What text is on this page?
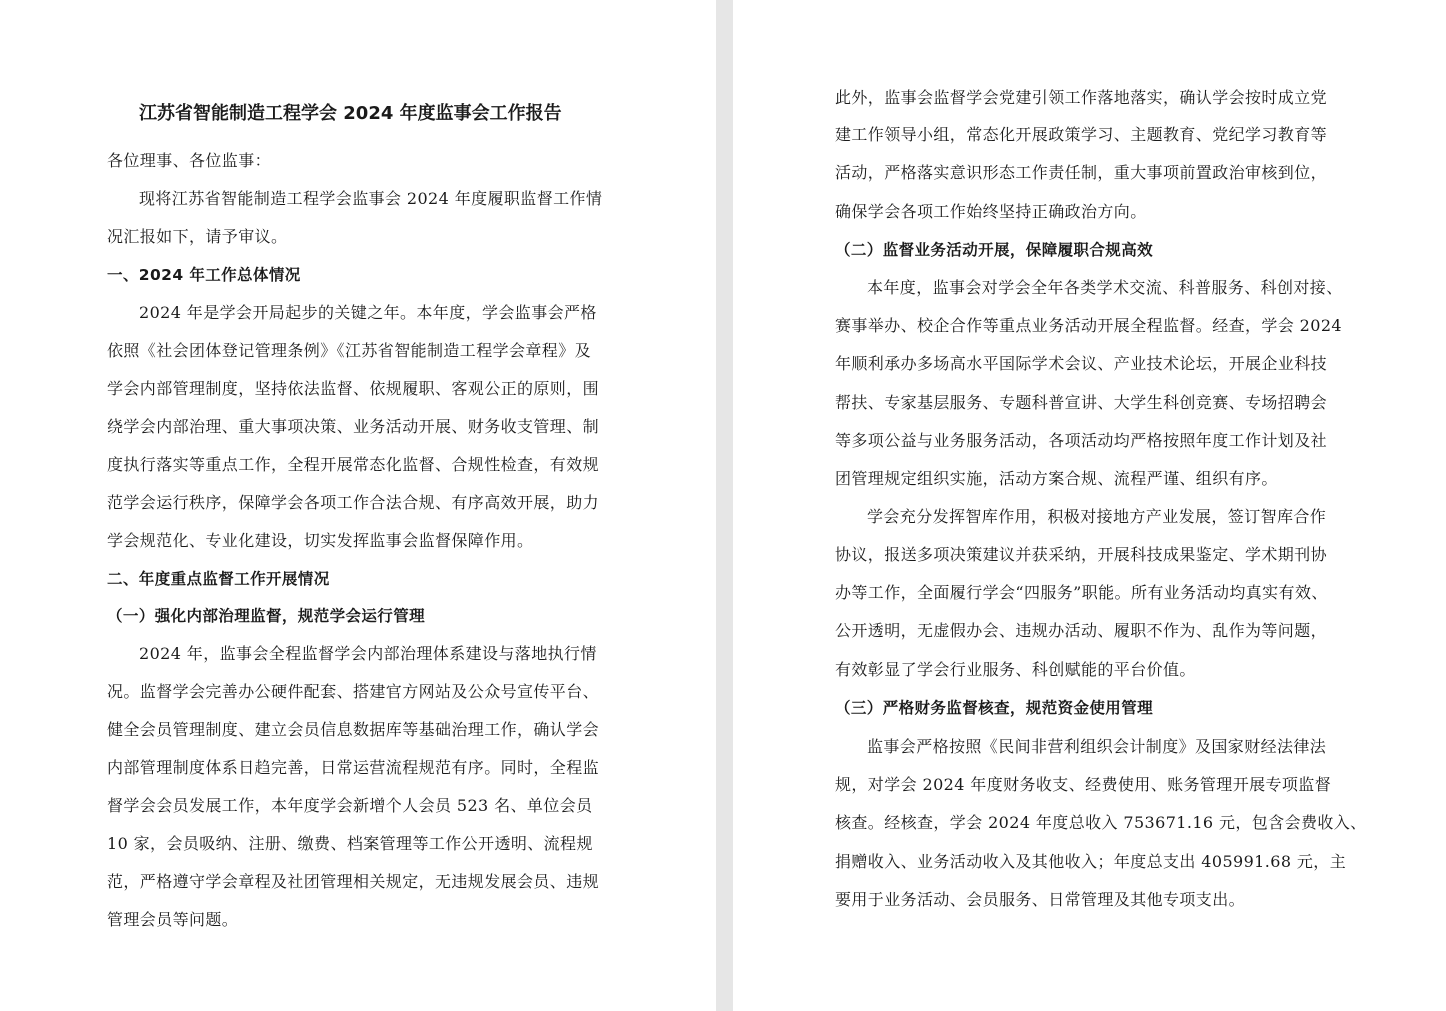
江苏省智能制造工程学会 2024 年度监事会工作报告

各位理事、各位监事：

现将江苏省智能制造工程学会监事会 2024 年度履职监督工作情

况汇报如下，请予审议。

一、2024 年工作总体情况

2024 年是学会开局起步的关键之年。本年度，学会监事会严格

依照《社会团体登记管理条例》《江苏省智能制造工程学会章程》及

学会内部管理制度，坚持依法监督、依规履职、客观公正的原则，围

绕学会内部治理、重大事项决策、业务活动开展、财务收支管理、制

度执行落实等重点工作，全程开展常态化监督、合规性检查，有效规

范学会运行秩序，保障学会各项工作合法合规、有序高效开展，助力

学会规范化、专业化建设，切实发挥监事会监督保障作用。

二、年度重点监督工作开展情况

（一）强化内部治理监督，规范学会运行管理

2024 年，监事会全程监督学会内部治理体系建设与落地执行情

况。监督学会完善办公硬件配套、搭建官方网站及公众号宣传平台、

健全会员管理制度、建立会员信息数据库等基础治理工作，确认学会

内部管理制度体系日趋完善，日常运营流程规范有序。同时，全程监

督学会会员发展工作，本年度学会新增个人会员 523 名、单位会员

10 家，会员吸纳、注册、缴费、档案管理等工作公开透明、流程规

范，严格遵守学会章程及社团管理相关规定，无违规发展会员、违规

管理会员等问题。

此外，监事会监督学会党建引领工作落地落实，确认学会按时成立党

建工作领导小组，常态化开展政策学习、主题教育、党纪学习教育等

活动，严格落实意识形态工作责任制，重大事项前置政治审核到位，

确保学会各项工作始终坚持正确政治方向。

（二）监督业务活动开展，保障履职合规高效

本年度，监事会对学会全年各类学术交流、科普服务、科创对接、

赛事举办、校企合作等重点业务活动开展全程监督。经查，学会 2024

年顺利承办多场高水平国际学术会议、产业技术论坛，开展企业科技

帮扶、专家基层服务、专题科普宣讲、大学生科创竞赛、专场招聘会

等多项公益与业务服务活动，各项活动均严格按照年度工作计划及社

团管理规定组织实施，活动方案合规、流程严谨、组织有序。

学会充分发挥智库作用，积极对接地方产业发展，签订智库合作

协议，报送多项决策建议并获采纳，开展科技成果鉴定、学术期刊协

办等工作，全面履行学会“四服务”职能。所有业务活动均真实有效、

公开透明，无虚假办会、违规办活动、履职不作为、乱作为等问题，

有效彰显了学会行业服务、科创赋能的平台价值。

（三）严格财务监督核查，规范资金使用管理

监事会严格按照《民间非营利组织会计制度》及国家财经法律法

规，对学会 2024 年度财务收支、经费使用、账务管理开展专项监督

核查。经核查，学会 2024 年度总收入 753671.16 元，包含会费收入、

捐赠收入、业务活动收入及其他收入；年度总支出 405991.68 元，主

要用于业务活动、会员服务、日常管理及其他专项支出。
